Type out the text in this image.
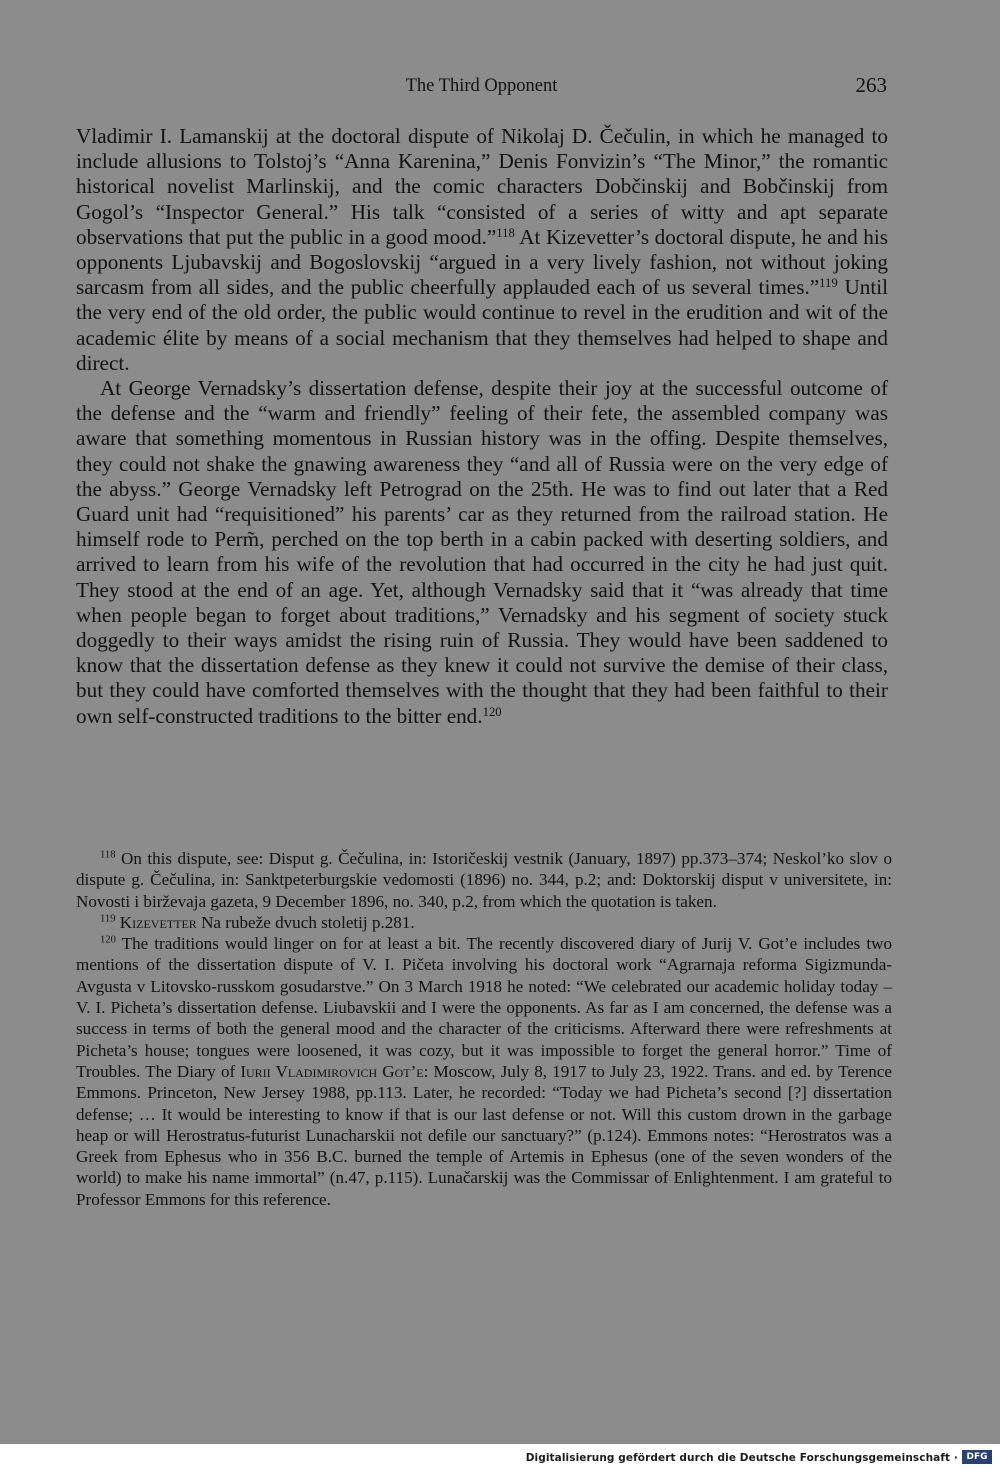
The Third Opponent	263

Vladimir I. Lamanskij at the doctoral dispute of Nikolaj D. Čečulin, in which he managed to include allusions to Tolstoj’s “Anna Karenina,” Denis Fonvizin’s “The Minor,” the romantic historical novelist Marlinskij, and the comic characters Dobčinskij and Bobčinskij from Gogol’s “Inspector General.” His talk “consisted of a series of witty and apt separate observations that put the public in a good mood.”$^{118}$ At Kizevetter’s doctoral dispute, he and his opponents Ljubavskij and Bogoslovskij “argued in a very lively fashion, not without joking sarcasm from all sides, and the public cheerfully applauded each of us several times.”$^{119}$ Until the very end of the old order, the public would continue to revel in the erudition and wit of the academic élite by means of a social mechanism that they themselves had helped to shape and direct.

At George Vernadsky’s dissertation defense, despite their joy at the successful outcome of the defense and the “warm and friendly” feeling of their fete, the assembled company was aware that something momentous in Russian history was in the offing. Despite themselves, they could not shake the gnawing awareness they “and all of Russia were on the very edge of the abyss.” George Vernadsky left Petrograd on the 25th. He was to find out later that a Red Guard unit had “requisitioned” his parents’ car as they returned from the railroad station. He himself rode to Perm̃, perched on the top berth in a cabin packed with deserting soldiers, and arrived to learn from his wife of the revolution that had occurred in the city he had just quit. They stood at the end of an age. Yet, although Vernadsky said that it “was already that time when people began to forget about traditions,” Vernadsky and his segment of society stuck doggedly to their ways amidst the rising ruin of Russia. They would have been saddened to know that the dissertation defense as they knew it could not survive the demise of their class, but they could have comforted themselves with the thought that they had been faithful to their own self-constructed traditions to the bitter end.$^{120}$

$^{118}$ On this dispute, see: Disput g. Čečulina, in: Istoričeskij vestnik (January, 1897) pp.373–374; Neskol’ko slov o dispute g. Čečulina, in: Sanktpeterburgskie vedomosti (1896) no. 344, p.2; and: Doktorskij disput v universitete, in: Novosti i birževaja gazeta, 9 December 1896, no. 340, p.2, from which the quotation is taken.

$^{119}$ Kizevetter Na rubeže dvuch stoletij p.281.

$^{120}$ The traditions would linger on for at least a bit. The recently discovered diary of Jurij V. Got’e includes two mentions of the dissertation dispute of V. I. Pičeta involving his doctoral work “Agrarnaja reforma Sigizmunda-Avgusta v Litovsko-russkom gosudarstve.” On 3 March 1918 he noted: “We celebrated our academic holiday today – V. I. Picheta’s dissertation defense. Liubavskii and I were the opponents. As far as I am concerned, the defense was a success in terms of both the general mood and the character of the criticisms. Afterward there were refreshments at Picheta’s house; tongues were loosened, it was cozy, but it was impossible to forget the general horror.” Time of Troubles. The Diary of Iurii Vladimirovich Got’e: Moscow, July 8, 1917 to July 23, 1922. Trans. and ed. by Terence Emmons. Princeton, New Jersey 1988, pp.113. Later, he recorded: “Today we had Picheta’s second [?] dissertation defense; … It would be interesting to know if that is our last defense or not. Will this custom drown in the garbage heap or will Herostratus-futurist Lunacharskii not defile our sanctuary?” (p.124). Emmons notes: “Herostratos was a Greek from Ephesus who in 356 B.C. burned the temple of Artemis in Ephesus (one of the seven wonders of the world) to make his name immortal” (n.47, p.115). Lunačarskij was the Commissar of Enlightenment. I am grateful to Professor Emmons for this reference.

Digitalisierung gefördert durch die Deutsche Forschungsgemeinschaft · DFG
